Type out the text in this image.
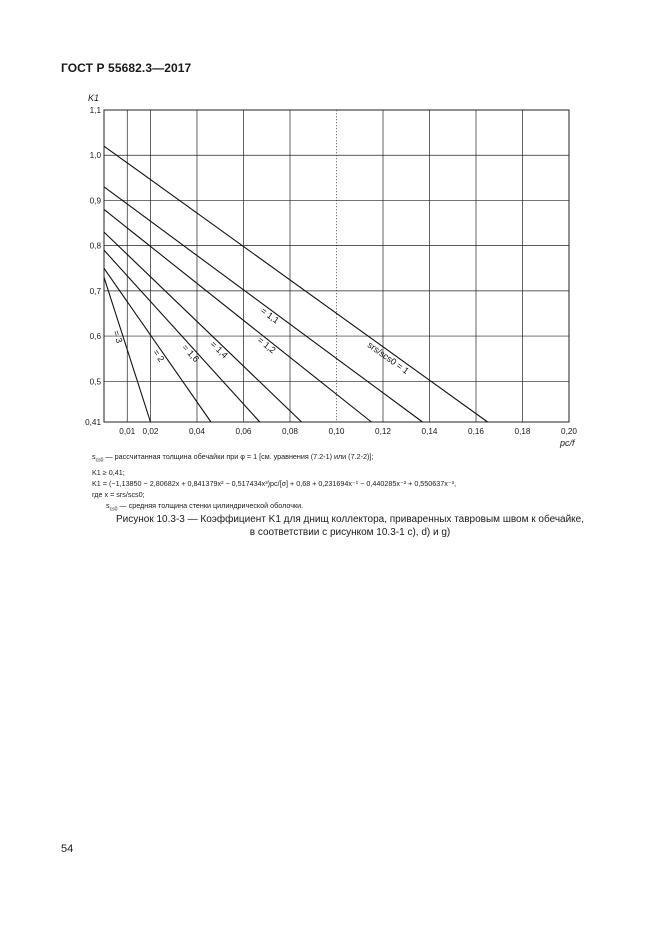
ГОСТ Р 55682.3—2017
0,01 0,02	0,04	0,06	0,08	0,10	0,12	0,14	0,16	0,18	0,20
0,41
0,5
0,6
0,7
0,8
0,9
1,0
1,1
srs/scs0 = 1
= 1,1
= 1,2
= 1,4
= 1,6
= 2
= 3
K1
pc/f
$s_{cs0}$ — рассчитанная толщина обечайки при φ = 1 [см. уравнения (7.2-1) или (7.2-2)];
K1 ≥ 0,41;
K1 = (−1,13850 − 2,80682x + 0,841379x² − 0,517434x³)pc/[σ] + 0,68 + 0,231694x⁻¹ − 0,440285x⁻² + 0,550637x⁻³,
где x = srs/scs0;
$s_{cs0}$ — средняя толщина стенки цилиндрической оболочки.
Рисунок 10.3-3 — Коэффициент K1 для днищ коллектора, приваренных тавровым швом к обечайке,
в соответствии с рисунком 10.3-1 с), d) и g)
54
